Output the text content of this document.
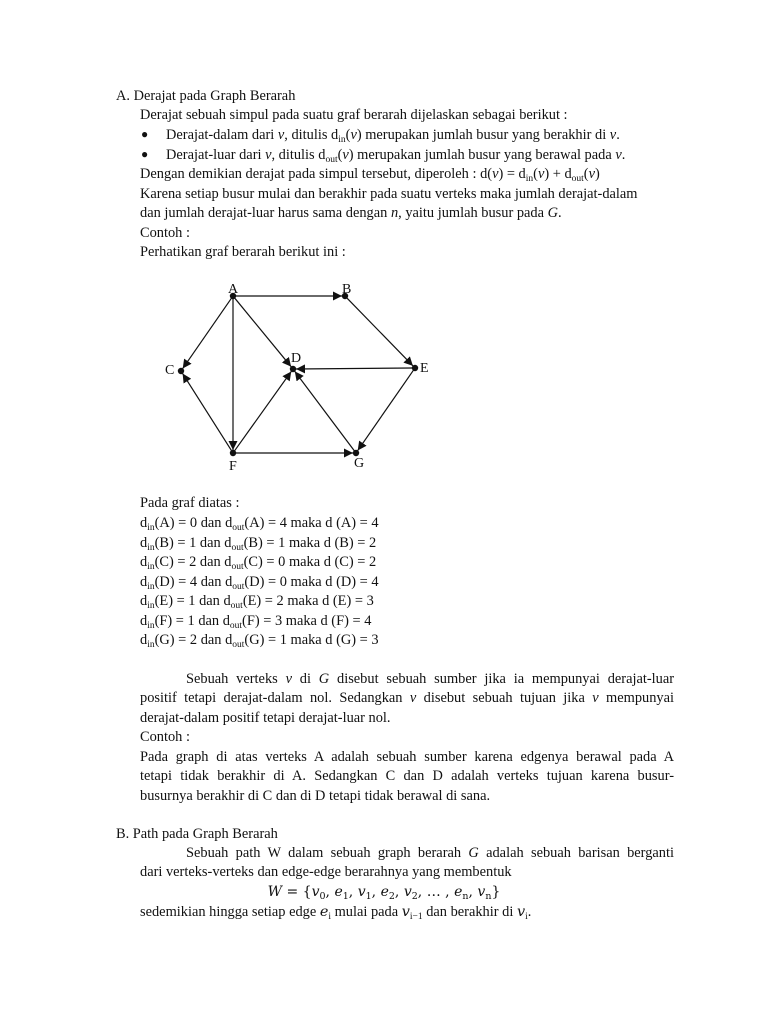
A. Derajat pada Graph Berarah
Derajat sebuah simpul pada suatu graf berarah dijelaskan sebagai berikut :
● Derajat-dalam dari v, ditulis $d_{in}(v)$ merupakan jumlah busur yang berakhir di v.
● Derajat-luar dari v, ditulis $d_{out}(v)$ merupakan jumlah busur yang berawal pada v.
Dengan demikian derajat pada simpul tersebut, diperoleh : $d(v) = d_{in}(v) + d_{out}(v)$
Karena setiap busur mulai dan berakhir pada suatu verteks maka jumlah derajat-dalam
dan jumlah derajat-luar harus sama dengan n, yaitu jumlah busur pada G.
Contoh :
Perhatikan graf berarah berikut ini :
A	B
C
D
E
F	G
Pada graf diatas :
Sebuah verteks v di G disebut sebuah sumber jika ia mempunyai derajat-luar
positif tetapi derajat-dalam nol. Sedangkan v disebut sebuah tujuan jika v mempunyai
derajat-dalam positif tetapi derajat-luar nol.
Contoh :
Pada graph di atas verteks A adalah sebuah sumber karena edgenya berawal pada A
tetapi tidak berakhir di A. Sedangkan C dan D adalah verteks tujuan karena busur-
busurnya berakhir di C dan di D tetapi tidak berawal di sana.
B. Path pada Graph Berarah
Sebuah path W dalam sebuah graph berarah G adalah sebuah barisan berganti
dari verteks-verteks dan edge-edge berarahnya yang membentuk
$W = \{v_0$, $e_1$, $v_1$, $e_2$, $v_2$, … , $e_n$, $v_n$}
sedemikian hingga setiap edge $e_i$ mulai pada $v_{i-1}$ dan berakhir di $v_i$.
$d_{in}(A) = 0$ dan $d_{out}(A) = 4$ maka d (A) = 4
$d_{in}(B) = 1$ dan $d_{out}(B) = 1$ maka d (B) = 2
$d_{in}(C) = 2$ dan $d_{out}(C) = 0$ maka d (C) = 2
$d_{in}(D) = 4$ dan $d_{out}(D) = 0$ maka d (D) = 4
$d_{in}(E) = 1$ dan $d_{out}(E) = 2$ maka d (E) = 3
$d_{in}(F) = 1$ dan $d_{out}(F) = 3$ maka d (F) = 4
$d_{in}(G) = 2$ dan $d_{out}(G) = 1$ maka d (G) = 3
